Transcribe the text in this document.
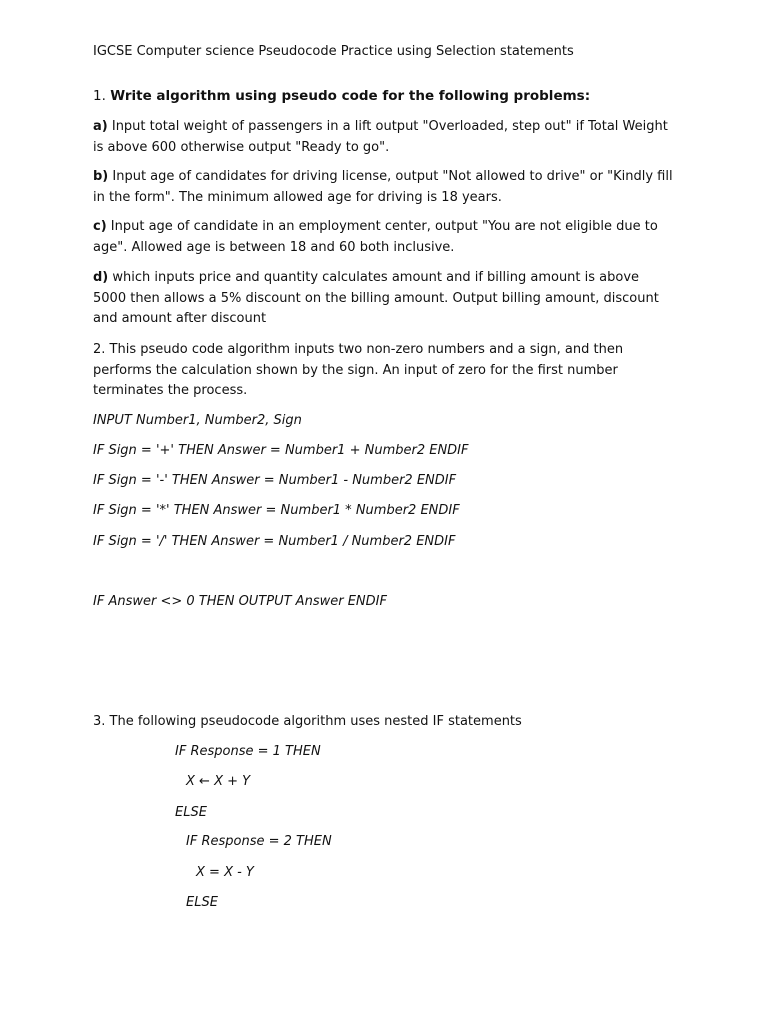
IGCSE Computer science Pseudocode Practice using Selection statements

1. Write algorithm using pseudo code for the following problems:

a) Input total weight of passengers in a lift output "Overloaded, step out" if Total Weight is above 600 otherwise output "Ready to go".

b) Input age of candidates for driving license, output "Not allowed to drive" or "Kindly fill in the form". The minimum allowed age for driving is 18 years.

c) Input age of candidate in an employment center, output "You are not eligible due to age". Allowed age is between 18 and 60 both inclusive.

d) which inputs price and quantity calculates amount and if billing amount is above 5000 then allows a 5% discount on the billing amount. Output billing amount, discount and amount after discount

2. This pseudo code algorithm inputs two non-zero numbers and a sign, and then performs the calculation shown by the sign. An input of zero for the first number terminates the process.

INPUT Number1, Number2, Sign

IF Sign = '+' THEN Answer = Number1 + Number2 ENDIF

IF Sign = '-' THEN Answer = Number1 - Number2 ENDIF

IF Sign = '*' THEN Answer = Number1 * Number2 ENDIF

IF Sign = '/' THEN Answer = Number1 / Number2 ENDIF

IF Answer <> 0 THEN OUTPUT Answer ENDIF

3. The following pseudocode algorithm uses nested IF statements

IF Response = 1 THEN

X ← X + Y

ELSE

IF Response = 2 THEN

X = X - Y

ELSE
